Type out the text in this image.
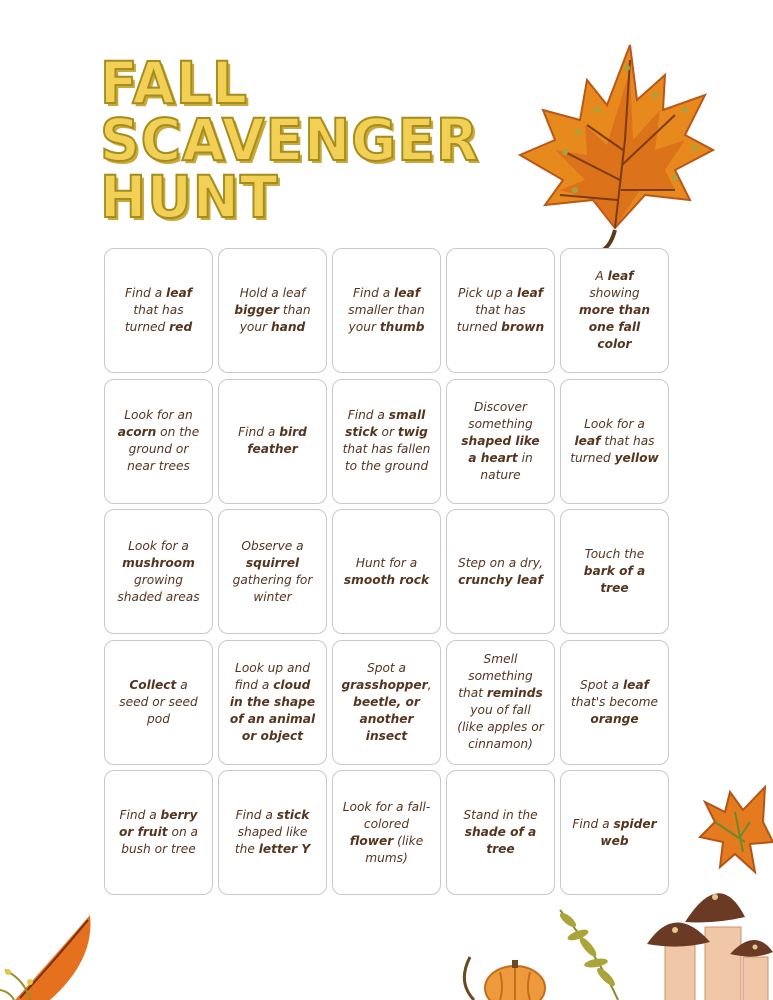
FALL
SCAVENGER
HUNT
Find a leaf that has turned red
Hold a leaf bigger than your hand
Find a leaf smaller than your thumb
Pick up a leaf that has turned brown
A leaf showing more than one fall color
Look for an acorn on the ground or near trees
Find a bird feather
Find a small stick or twig that has fallen to the ground
Discover something shaped like a heart in nature
Look for a leaf that has turned yellow
Look for a mushroom growing shaded areas
Observe a squirrel gathering for winter
Hunt for a smooth rock
Step on a dry, crunchy leaf
Touch the bark of a tree
Collect a seed or seed pod
Look up and find a cloud in the shape of an animal or object
Spot a grasshopper, beetle, or another insect
Smell something that reminds you of fall (like apples or cinnamon)
Spot a leaf that's become orange
Find a berry or fruit on a bush or tree
Find a stick shaped like the letter Y
Look for a fall-colored flower (like mums)
Stand in the shade of a tree
Find a spider web
